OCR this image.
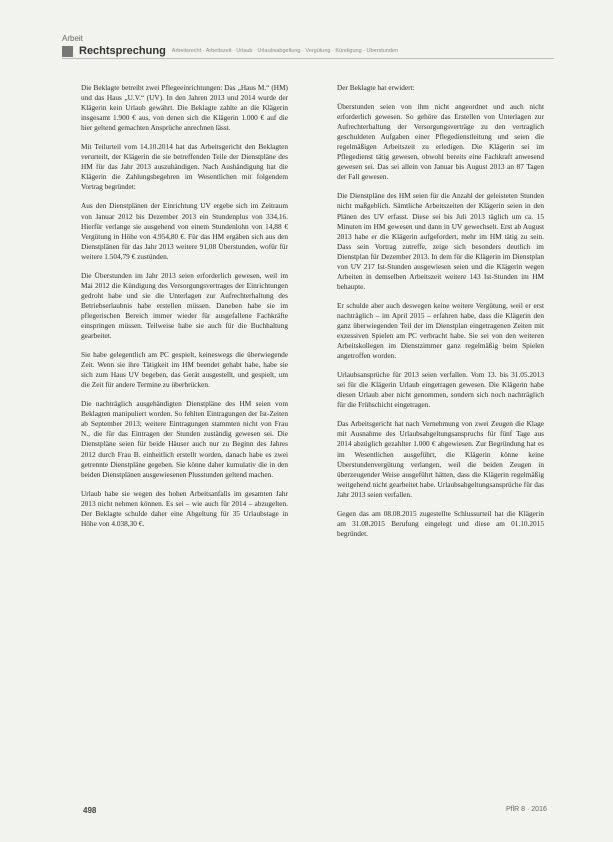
Arbeit
Rechtsprechung Arbeitsrecht · Arbeitszeit · Urlaub · Urlaubsabgeltung · Vergütung · Kündigung · Überstunden

Die Beklagte betreibt zwei Pflegeeinrichtungen: Das „Haus M.“ (HM) und das Haus „U.V.“ (UV). In den Jahren 2013 und 2014 wurde der Klägerin kein Urlaub gewährt. Die Beklagte zahlte an die Klägerin insgesamt 1.900 € aus, von denen sich die Klägerin 1.000 € auf die hier geltend gemachten Ansprüche anrechnen lässt.

Mit Teilurteil vom 14.10.2014 hat das Arbeitsgericht den Beklagten verurteilt, der Klägerin die sie betreffenden Teile der Dienstpläne des HM für das Jahr 2013 auszuhändigen. Nach Aushändigung hat die Klägerin die Zahlungsbegehren im Wesentlichen mit folgendem Vortrag begründet:

Aus den Dienstplänen der Einrichtung UV ergebe sich im Zeitraum von Januar 2012 bis Dezember 2013 ein Stundenplus von 334,16. Hierfür verlange sie ausgehend von einem Stundenlohn von 14,88 € Vergütung in Höhe von 4.954,80 €. Für das HM ergäben sich aus den Dienstplänen für das Jahr 2013 weitere 91,08 Überstunden, wofür für weitere 1.504,79 € zustünden.

Die Überstunden im Jahr 2013 seien erforderlich gewesen, weil im Mai 2012 die Kündigung des Versorgungsvertrages der Einrichtungen gedroht habe und sie die Unterlagen zur Aufrechterhaltung des Betriebserlaubnis habe erstellen müssen. Daneben habe sie im pflegerischen Bereich immer wieder für ausgefallene Fachkräfte einspringen müssen. Teilweise habe sie auch für die Buchhaltung gearbeitet.

Sie habe gelegentlich am PC gespielt, keineswegs die überwiegende Zeit. Wenn sie ihre Tätigkeit im HM beendet gehabt habe, habe sie sich zum Haus UV begeben, das Gerät ausgestellt, und gespielt, um die Zeit für andere Termine zu überbrücken.

Die nachträglich ausgehändigten Dienstpläne des HM seien vom Beklagten manipuliert worden. So fehlten Eintragungen der Ist-Zeiten ab September 2013; weitere Eintragungen stammten nicht von Frau N., die für das Eintragen der Stunden zuständig gewesen sei. Die Dienstpläne seien für beide Häuser auch nur zu Beginn des Jahres 2012 durch Frau B. einheitlich erstellt worden, danach habe es zwei getrennte Dienstpläne gegeben. Sie könne daher kumulativ die in den beiden Dienstplänen ausgewiesenen Plusstunden geltend machen.

Urlaub habe sie wegen des hohen Arbeitsanfalls im gesamten Jahr 2013 nicht nehmen können. Es sei – wie auch für 2014 – abzugelten. Der Beklagte schulde daher eine Abgeltung für 35 Urlaubstage in Höhe von 4.038,30 €.

Der Beklagte hat erwidert:

Überstunden seien von ihm nicht angeordnet und auch nicht erforderlich gewesen. So gehöre das Erstellen von Unterlagen zur Aufrechterhaltung der Versorgungsverträge zu den vertraglich geschuldeten Aufgaben einer Pflegedienstleitung und seien die regelmäßigen Arbeitszeit zu erledigen. Die Klägerin sei im Pflegedienst tätig gewesen, obwohl bereits eine Fachkraft anwesend gewesen sei. Das sei allein von Januar bis August 2013 an 87 Tagen der Fall gewesen.

Die Dienstpläne des HM seien für die Anzahl der geleisteten Stunden nicht maßgeblich. Sämtliche Arbeitszeiten der Klägerin seien in den Plänen des UV erfasst. Diese sei bis Juli 2013 täglich um ca. 15 Minuten im HM gewesen und dann in UV gewechselt. Erst ab August 2013 habe er die Klägerin aufgefordert, mehr im HM tätig zu sein. Dass sein Vortrag zutreffe, zeige sich besonders deutlich im Dienstplan für Dezember 2013. In dem für die Klägerin im Dienstplan von UV 217 Ist-Stunden ausgewiesen seien und die Klägerin wegen Arbeiten in demselben Arbeitszeit weitere 143 Ist-Stunden im HM behaupte.

Er schulde aber auch deswegen keine weitere Vergütung, weil er erst nachträglich – im April 2015 – erfahren habe, dass die Klägerin den ganz überwiegenden Teil der im Dienstplan eingetragenen Zeiten mit exzessiven Spielen am PC verbracht habe. Sie sei von den weiteren Arbeitskollegen im Dienstzimmer ganz regelmäßig beim Spielen angetroffen worden.

Urlaubsansprüche für 2013 seien verfallen. Vom 13. bis 31.05.2013 sei für die Klägerin Urlaub eingetragen gewesen. Die Klägerin habe diesen Urlaub aber nicht genommen, sondern sich noch nachträglich für die Frühschicht eingetragen.

Das Arbeitsgericht hat nach Vernehmung von zwei Zeugen die Klage mit Ausnahme des Urlaubsabgeltungsanspruchs für fünf Tage aus 2014 abzüglich gezahlter 1.000 € abgewiesen. Zur Begründung hat es im Wesentlichen ausgeführt, die Klägerin könne keine Überstundenvergütung verlangen, weil die beiden Zeugen in überzeugender Weise ausgeführt hätten, dass die Klägerin regelmäßig weitgehend nicht gearbeitet habe. Urlaubsabgeltungsansprüche für das Jahr 2013 seien verfallen.

Gegen das am 08.08.2015 zugestellte Schlussurteil hat die Klägerin am 31.08.2015 Berufung eingelegt und diese am 01.10.2015 begründet.

498	PflR 8 · 2016
